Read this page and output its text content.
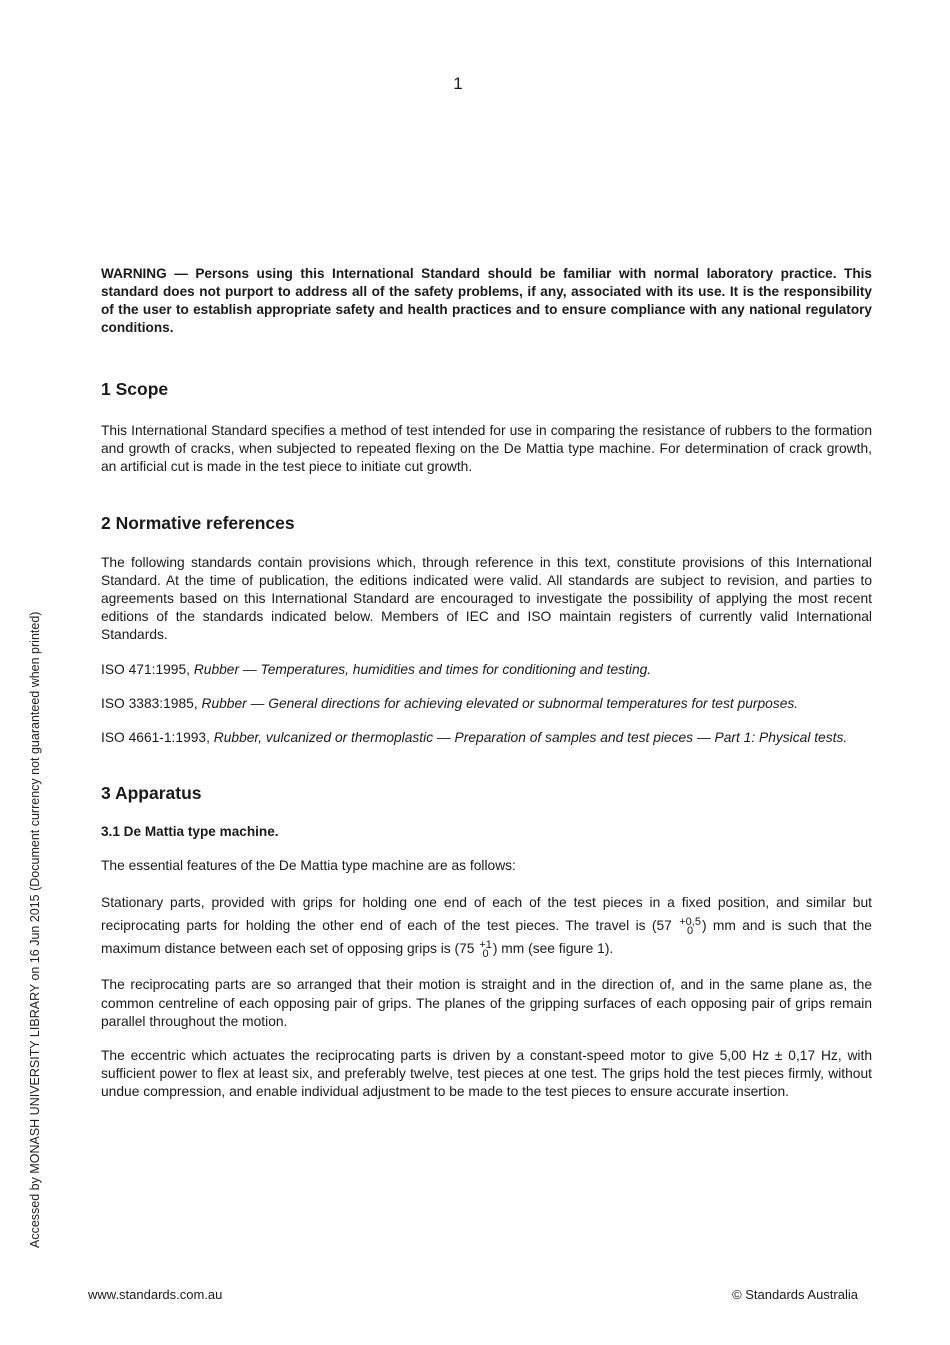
1
Accessed by MONASH UNIVERSITY LIBRARY on 16 Jun 2015 (Document currency not guaranteed when printed)

WARNING — Persons using this International Standard should be familiar with normal laboratory practice. This standard does not purport to address all of the safety problems, if any, associated with its use. It is the responsibility of the user to establish appropriate safety and health practices and to ensure compliance with any national regulatory conditions.

1 Scope

This International Standard specifies a method of test intended for use in comparing the resistance of rubbers to the formation and growth of cracks, when subjected to repeated flexing on the De Mattia type machine. For determination of crack growth, an artificial cut is made in the test piece to initiate cut growth.

2 Normative references

The following standards contain provisions which, through reference in this text, constitute provisions of this International Standard. At the time of publication, the editions indicated were valid. All standards are subject to revision, and parties to agreements based on this International Standard are encouraged to investigate the possibility of applying the most recent editions of the standards indicated below. Members of IEC and ISO maintain registers of currently valid International Standards.

ISO 471:1995, Rubber — Temperatures, humidities and times for conditioning and testing.

ISO 3383:1985, Rubber — General directions for achieving elevated or subnormal temperatures for test purposes.

ISO 4661-1:1993, Rubber, vulcanized or thermoplastic — Preparation of samples and test pieces — Part 1: Physical tests.

3 Apparatus
3.1 De Mattia type machine.

The essential features of the De Mattia type machine are as follows:

Stationary parts, provided with grips for holding one end of each of the test pieces in a fixed position, and similar but reciprocating parts for holding the other end of each of the test pieces. The travel is (57 +0,5
0 ) mm and is such that the maximum distance between each set of opposing grips is (75 +1
0 ) mm (see figure 1).

The reciprocating parts are so arranged that their motion is straight and in the direction of, and in the same plane as, the common centreline of each opposing pair of grips. The planes of the gripping surfaces of each opposing pair of grips remain parallel throughout the motion.

The eccentric which actuates the reciprocating parts is driven by a constant-speed motor to give 5,00 Hz ± 0,17 Hz, with sufficient power to flex at least six, and preferably twelve, test pieces at one test. The grips hold the test pieces firmly, without undue compression, and enable individual adjustment to be made to the test pieces to ensure accurate insertion.

www.standards.com.au	© Standards Australia
